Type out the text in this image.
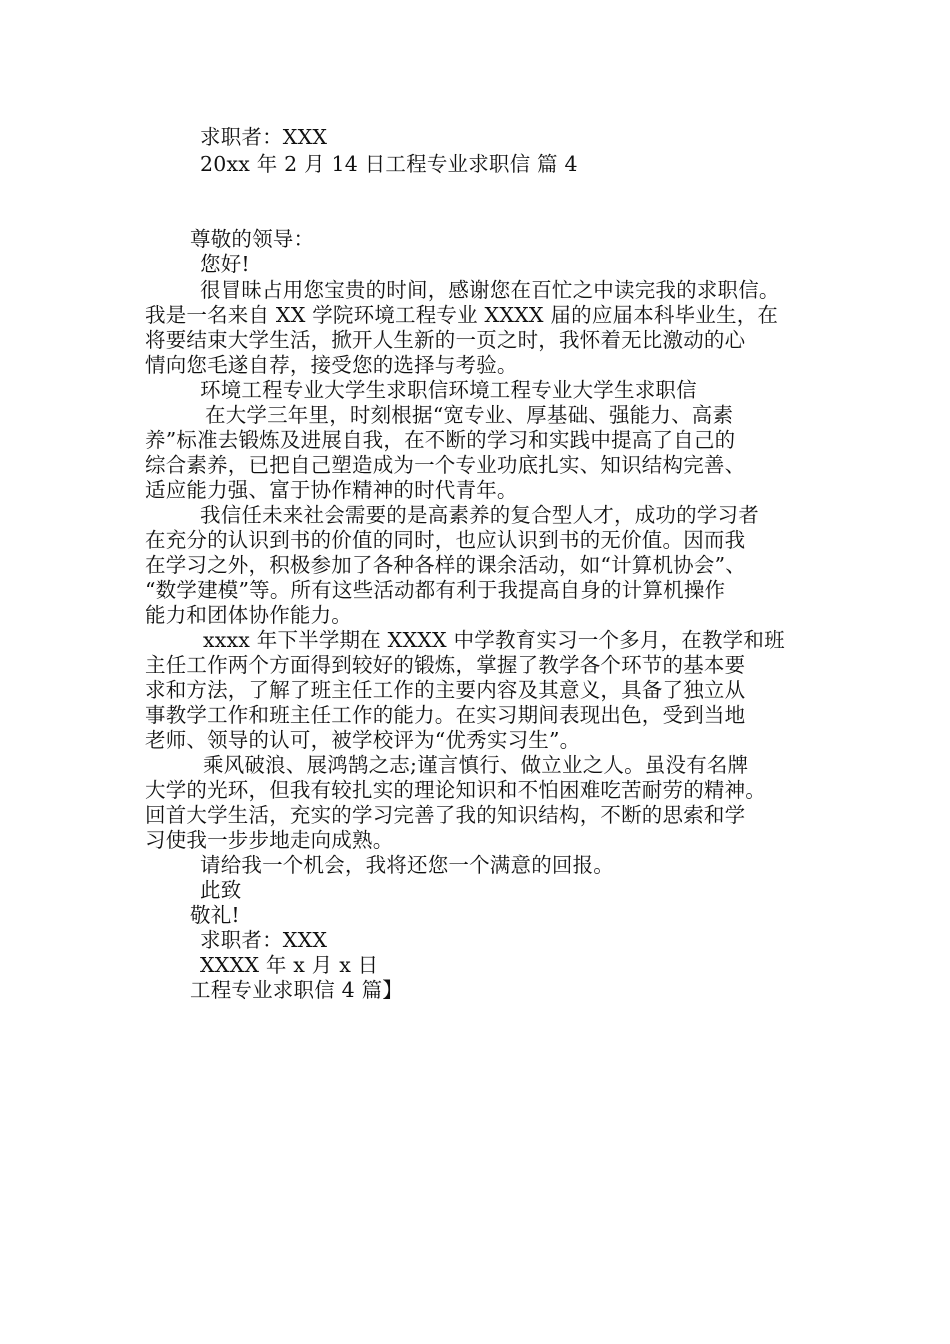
求职者：XXX
20xx 年 2 月 14 日工程专业求职信 篇 4
尊敬的领导：
您好!
很冒昧占用您宝贵的时间，感谢您在百忙之中读完我的求职信。
我是一名来自 XX 学院环境工程专业 XXXX 届的应届本科毕业生，在
将要结束大学生活，掀开人生新的一页之时，我怀着无比激动的心
情向您毛遂自荐，接受您的选择与考验。
环境工程专业大学生求职信环境工程专业大学生求职信
在大学三年里，时刻根据“宽专业、厚基础、强能力、高素
养”标准去锻炼及进展自我，在不断的学习和实践中提高了自己的
综合素养，已把自己塑造成为一个专业功底扎实、知识结构完善、
适应能力强、富于协作精神的时代青年。
我信任未来社会需要的是高素养的复合型人才，成功的学习者
在充分的认识到书的价值的同时，也应认识到书的无价值。因而我
在学习之外，积极参加了各种各样的课余活动，如“计算机协会”、
“数学建模”等。所有这些活动都有利于我提高自身的计算机操作
能力和团体协作能力。
xxxx 年下半学期在 XXXX 中学教育实习一个多月，在教学和班
主任工作两个方面得到较好的锻炼，掌握了教学各个环节的基本要
求和方法，了解了班主任工作的主要内容及其意义，具备了独立从
事教学工作和班主任工作的能力。在实习期间表现出色，受到当地
老师、领导的认可，被学校评为“优秀实习生”。
乘风破浪、展鸿鹄之志;谨言慎行、做立业之人。虽没有名牌
大学的光环，但我有较扎实的理论知识和不怕困难吃苦耐劳的精神。
回首大学生活，充实的学习完善了我的知识结构，不断的思索和学
习使我一步步地走向成熟。
请给我一个机会，我将还您一个满意的回报。
此致
敬礼!
求职者：XXX
XXXX 年 x 月 x 日
工程专业求职信 4 篇】
